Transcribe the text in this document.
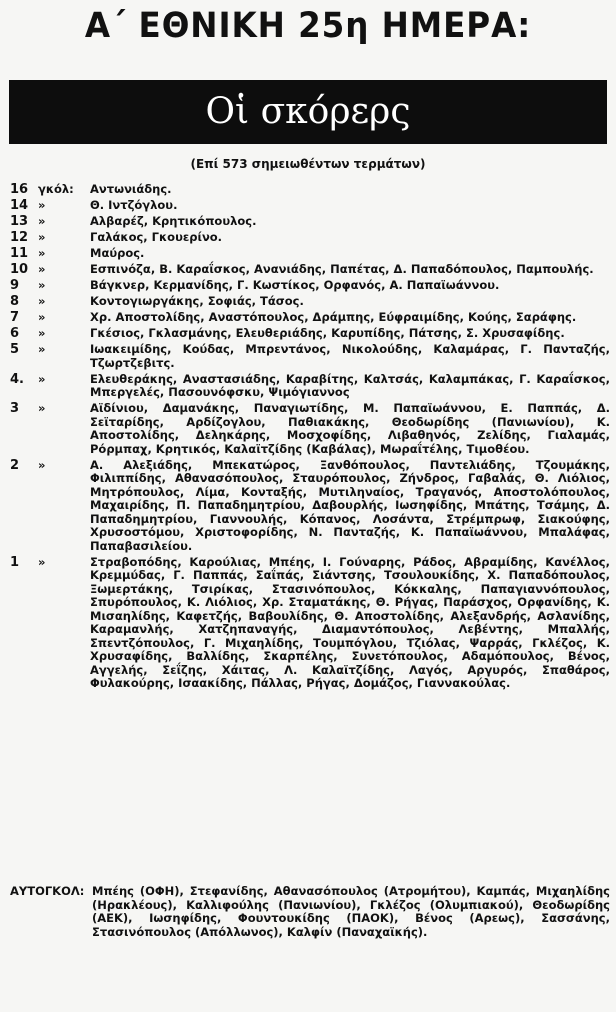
Α΄ ΕΘΝΙΚΗ 25η ΗΜΕΡΑ:
Οἱ σκόρερς
(Επί 573 σημειωθέντων τερμάτων)
16 γκόλ:	Αντωνιάδης.
14 »	Θ. Ιντζόγλου.
13 »	Αλβαρέζ, Κρητικόπουλος.
12 »	Γαλάκος, Γκουερίνο.
11 »	Μαύρος.
10 »	Εσπινόζα, Β. Καραΐσκος, Ανανιάδης, Παπέτας, Δ. Παπαδόπουλος, Παμπουλής.
9	»	Βάγκνερ, Κερμανίδης, Γ. Κωστίκος, Ορφανός, Α. Παπαϊωάννου.
8	»	Κοντογιωργάκης, Σοφιάς, Τάσος.
7	»	Χρ. Αποστολίδης, Αναστόπουλος, Δράμπης, Εύφραιμίδης, Κούης, Σαράφης.
6	»	Γκέσιος, Γκλασμάνης, Ελευθεριάδης, Καρυπίδης, Πάτσης, Σ. Χρυσαφίδης.
5	»	Ιωακειμίδης, Κούδας, Μπρεντάνος, Νικολούδης, Καλαμάρας, Γ. Πανταζής, Τζωρτζεβιτς.
4.	»	Ελευθεράκης, Αναστασιάδης, Καραβίτης, Καλτσάς, Καλαμπάκας, Γ. Καραΐσκος, Μπεργελές, Πασουνόφσκυ, Ψιμόγιαννος
3	»	Αϊδίνιου, Δαμανάκης, Παναγιωτίδης, Μ. Παπαϊωάννου, Ε. Παππάς, Δ. Σεϊταρίδης, Αρδίζογλου, Παθιακάκης, Θεοδωρίδης (Πανιωνίου), Κ. Αποστολίδης, Δεληκάρης, Μοσχοφίδης, Λιβαθηνός, Ζελίδης, Γιαλαμάς, Ρόρμπαχ, Κρητικός, Καλαϊτζίδης (Καβάλας), Μωραΐτέλης, Τιμοθέου.
2	»	Α. Αλεξιάδης, Μπεκατώρος, Ξανθόπουλος, Παντελιάδης, Τζουμάκης, Φιλιππίδης, Αθανασόπουλος, Σταυρόπουλος, Ζήνδρος, Γαβαλάς, Θ. Λιόλιος, Μητρόπουλος, Λίμα, Κονταξής, Μυτιληναίος, Τραγανός, Αποστολόπουλος, Μαχαιρίδης, Π. Παπαδημητρίου, Δαβουρλής, Ιωσηφίδης, Μπάτης, Τσάμης, Δ. Παπαδημητρίου, Γιαννουλής, Κόπανος, Λοσάντα, Στρέμπρωφ, Σιακούφης, Χρυσοστόμου, Χριστοφορίδης, Ν. Πανταζής, Κ. Παπαϊωάννου, Μπαλάφας, Παπαβασιλείου.
1	»	Στραβοπόδης, Καρούλιας, Μπέης, Ι. Γούναρης, Ράδος, Αβραμίδης, Κανέλλος, Κρεμμύδας, Γ. Παππάς, Σαΐπάς, Σιάντσης, Τσουλουκίδης, Χ. Παπαδόπουλος, Ξωμερτάκης, Τσιρίκας, Στασινόπουλος, Κόκκαλης, Παπαγιαννόπουλος, Σπυρόπουλος, Κ. Λιόλιος, Χρ. Σταματάκης, Θ. Ρήγας, Παράσχος, Ορφανίδης, Κ. Μισαηλίδης, Καφετζής, Βαβουλίδης, Θ. Αποστολίδης, Αλεξανδρής, Ασλανίδης, Καραμανλής, Χατζηπαναγής, Διαμαντόπουλος, Λεβέντης, Μπαλλής, Σπεντζόπουλος, Γ. Μιχαηλίδης, Τουμπόγλου, Τζιόλας, Ψαρράς, Γκλέζος, Κ. Χρυσαφίδης, Βαλλίδης, Σκαρπέλης, Συνετόπουλος, Αδαμόπουλος, Βένος, Αγγελής, Σεΐζης, Χάιτας, Λ. Καλαϊτζίδης, Λαγός, Αργυρός, Σπαθάρος, Φυλακούρης, Ισαακίδης, Πάλλας, Ρήγας, Δομάζος, Γιαννακούλας.
ΑΥΤΟΓΚΟΛ: Μπέης (ΟΦΗ), Στεφανίδης, Αθανασόπουλος (Ατρομήτου), Καμπάς, Μιχαηλίδης (Ηρακλέους), Καλλιφούλης (Πανιωνίου), Γκλέζος (Ολυμπιακού), Θεοδωρίδης (ΑΕΚ), Ιωσηφίδης, Φουντουκίδης (ΠΑΟΚ), Βένος (Αρεως), Σασσάνης, Στασινόπουλος (Απόλλωνος), Καλφίν (Παναχαϊκής).
